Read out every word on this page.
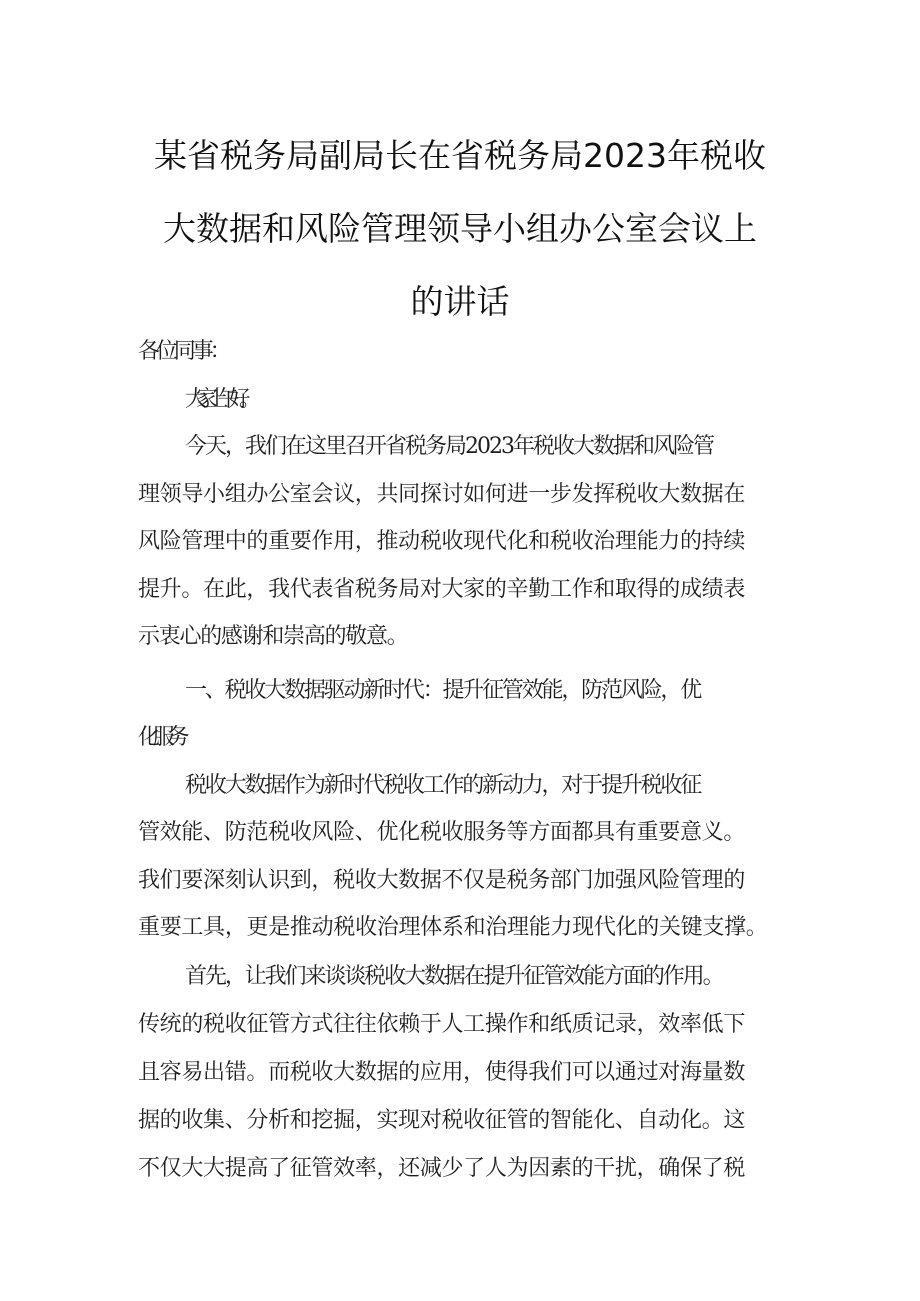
某省税务局副局长在省税务局2023年税收
大数据和风险管理领导小组办公室会议上
的讲话
各位同事：
大家上午好。
今天，我们在这里召开省税务局2023年税收大数据和风险管
理领导小组办公室会议，共同探讨如何进一步发挥税收大数据在
风险管理中的重要作用，推动税收现代化和税收治理能力的持续
提升。在此，我代表省税务局对大家的辛勤工作和取得的成绩表
示衷心的感谢和崇高的敬意。
一、税收大数据驱动新时代：提升征管效能，防范风险，优
化服务
税收大数据作为新时代税收工作的新动力，对于提升税收征
管效能、防范税收风险、优化税收服务等方面都具有重要意义。
我们要深刻认识到，税收大数据不仅是税务部门加强风险管理的
重要工具，更是推动税收治理体系和治理能力现代化的关键支撑。
首先，让我们来谈谈税收大数据在提升征管效能方面的作用。
传统的税收征管方式往往依赖于人工操作和纸质记录，效率低下
且容易出错。而税收大数据的应用，使得我们可以通过对海量数
据的收集、分析和挖掘，实现对税收征管的智能化、自动化。这
不仅大大提高了征管效率，还减少了人为因素的干扰，确保了税
